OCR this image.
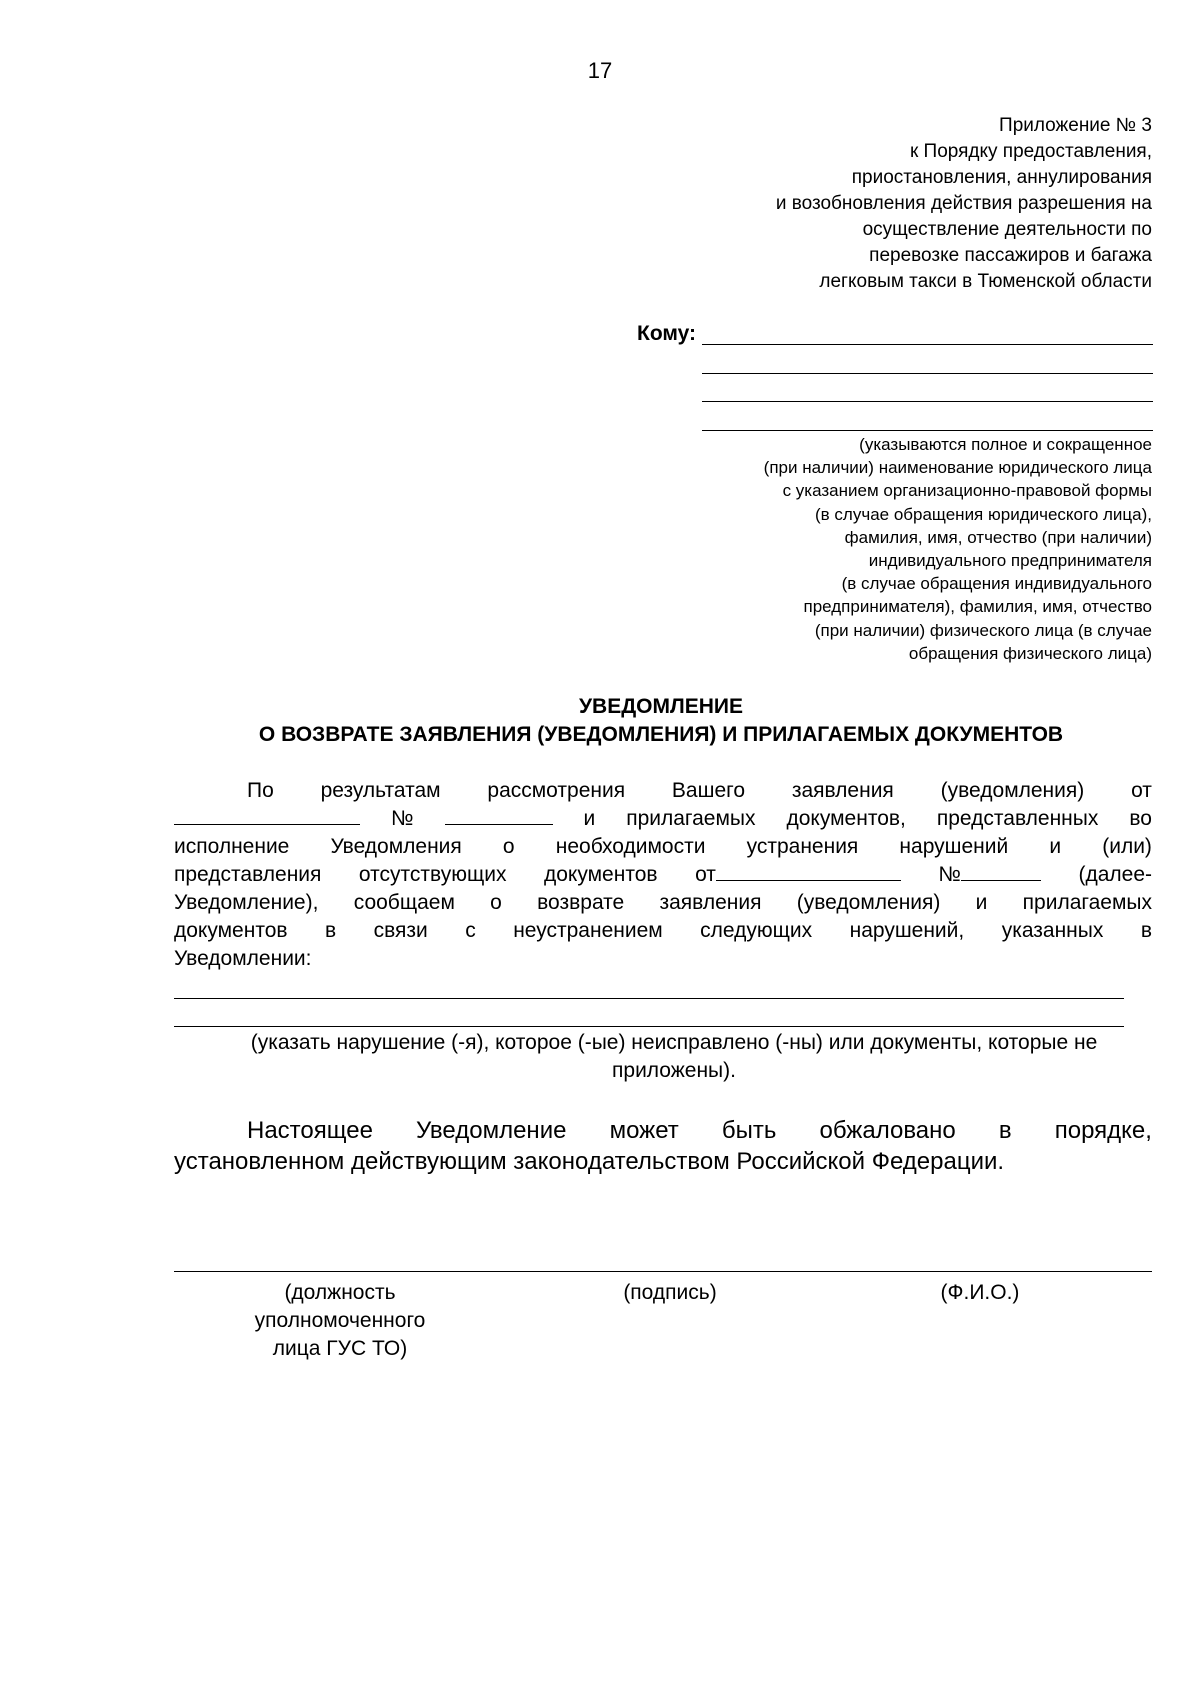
17
Приложение № 3
к Порядку предоставления,
приостановления, аннулирования
и возобновления действия разрешения на
осуществление деятельности по
перевозке пассажиров и багажа
легковым такси в Тюменской области
Кому:
(указываются полное и сокращенное
(при наличии) наименование юридического лица
с указанием организационно-правовой формы
(в случае обращения юридического лица),
фамилия, имя, отчество (при наличии)
индивидуального предпринимателя
(в случае обращения индивидуального
предпринимателя), фамилия, имя, отчество
(при наличии) физического лица (в случае
обращения физического лица)
УВЕДОМЛЕНИЕ
О ВОЗВРАТЕ ЗАЯВЛЕНИЯ (УВЕДОМЛЕНИЯ) И ПРИЛАГАЕМЫХ ДОКУМЕНТОВ
По результатам рассмотрения Вашего заявления (уведомления) от
№	и прилагаемых документов, представленных во
исполнение Уведомления о необходимости устранения нарушений и (или)
представления отсутствующих документов от	№	(далее-
Уведомление), сообщаем о возврате заявления (уведомления) и прилагаемых
документов в связи с неустранением следующих нарушений, указанных в
Уведомлении:
(указать нарушение (-я), которое (-ые) неисправлено (-ны) или документы, которые не
приложены).
Настоящее Уведомление может быть обжаловано в порядке,
установленном действующим законодательством Российской Федерации.
(должность
уполномоченного
лица ГУС ТО)
(подпись)	(Ф.И.О.)
